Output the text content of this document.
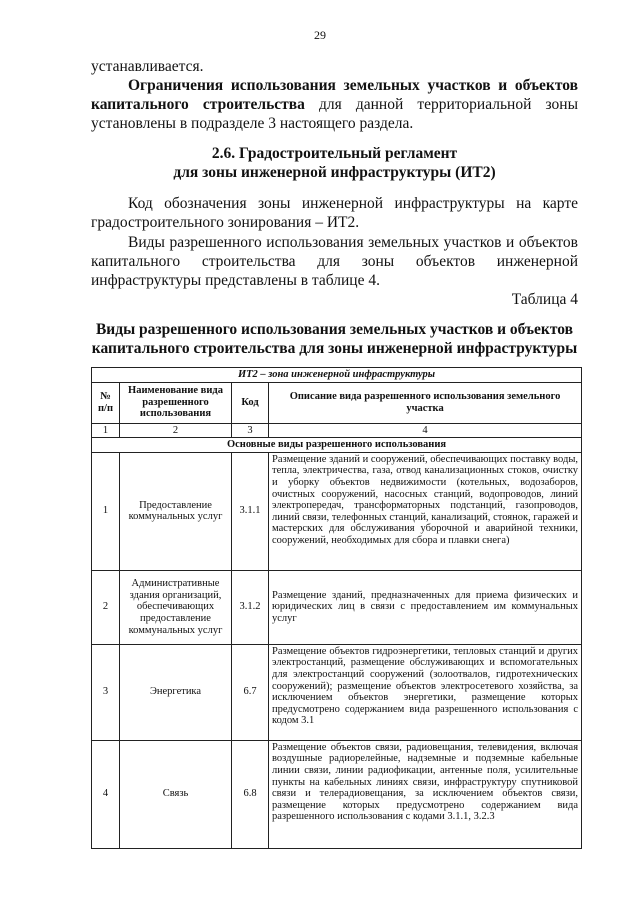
29
устанавливается.
Ограничения использования земельных участков и объектов
капитального строительства для данной территориальной зоны
установлены в подразделе 3 настоящего раздела.
2.6. Градостроительный регламент
для зоны инженерной инфраструктуры (ИТ2)
Код обозначения зоны инженерной инфраструктуры на карте
градостроительного зонирования – ИТ2.
Виды разрешенного использования земельных участков и объектов
капитального строительства для зоны объектов инженерной
инфраструктуры представлены в таблице 4.
Таблица 4
Виды разрешенного использования земельных участков и объектов
капитального строительства для зоны инженерной инфраструктуры
ИТ2 – зона инженерной инфраструктуры			
№ п/п	Наименование вида разрешенного использования	Код	Описание вида разрешенного использования земельного участка
1	2	3	4
Основные виды разрешенного использования			
1	Предоставление коммунальных услуг	3.1.1	Размещение зданий и сооружений, обеспечивающих поставку воды, тепла, электричества, газа, отвод канализационных стоков, очистку и уборку объектов недвижимости (котельных, водозаборов, очистных сооружений, насосных станций, водопроводов, линий электропередач, трансформаторных подстанций, газопроводов, линий связи, телефонных станций, канализаций, стоянок, гаражей и мастерских для обслуживания уборочной и аварийной техники, сооружений, необходимых для сбора и плавки снега)
2	Административные здания организаций, обеспечивающих предоставление коммунальных услуг	3.1.2	Размещение зданий, предназначенных для приема физических и юридических лиц в связи с предоставлением им коммунальных услуг
3	Энергетика	6.7	Размещение объектов гидроэнергетики, тепловых станций и других электростанций, размещение обслуживающих и вспомогательных для электростанций сооружений (золоотвалов, гидротехнических сооружений); размещение объектов электросетевого хозяйства, за исключением объектов энергетики, размещение которых предусмотрено содержанием вида разрешенного использования с кодом 3.1
4	Связь	6.8	Размещение объектов связи, радиовещания, телевидения, включая воздушные радиорелейные, надземные и подземные кабельные линии связи, линии радиофикации, антенные поля, усилительные пункты на кабельных линиях связи, инфраструктуру спутниковой связи и телерадиовещания, за исключением объектов связи, размещение которых предусмотрено содержанием вида разрешенного использования с кодами 3.1.1, 3.2.3
